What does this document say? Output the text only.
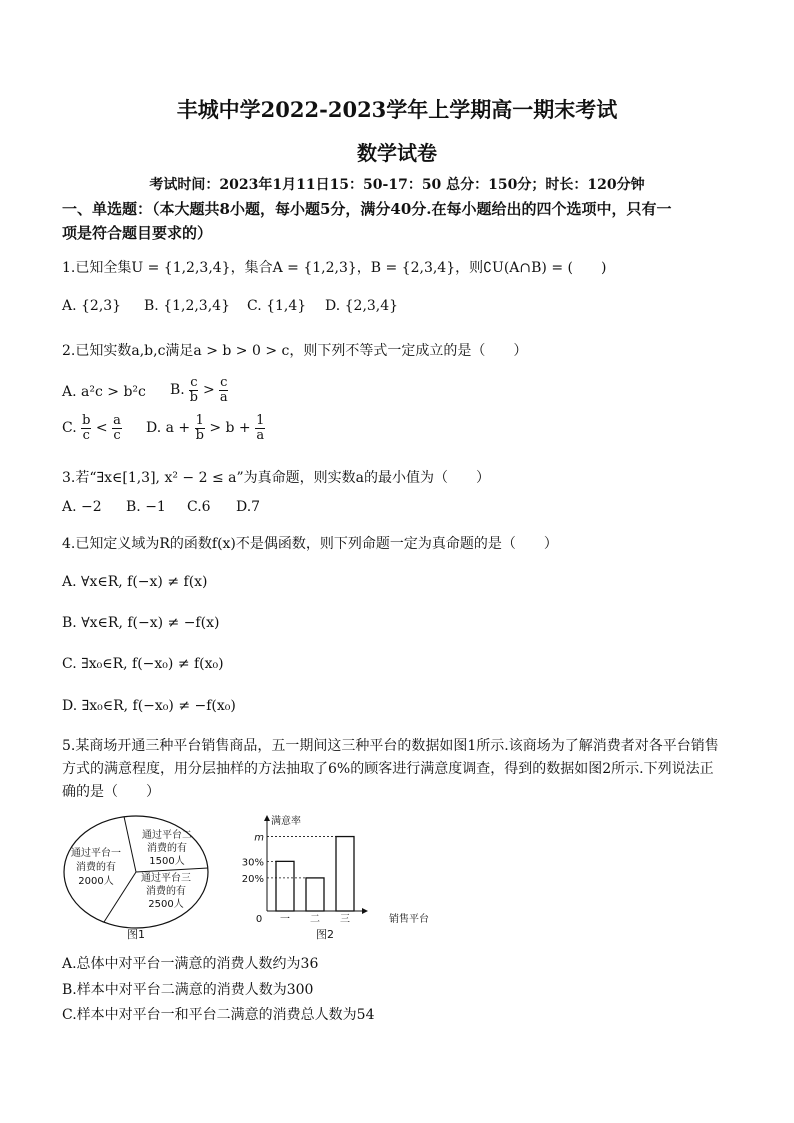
丰城中学2022-2023学年上学期高一期末考试
数学试卷
考试时间：2023年1月11日15：50-17：50 总分：150分；时长：120分钟
一、单选题：（本大题共8小题，每小题5分，满分40分.在每小题给出的四个选项中，只有一
项是符合题目要求的）
1.已知全集U = {1,2,3,4}，集合A = {1,2,3}，B = {2,3,4}，则∁U(A∩B) = (　　)
A. {2,3} B. {1,2,3,4} C. {1,4} D. {2,3,4}
2.已知实数a,b,c满足a > b > 0 > c，则下列不等式一定成立的是（　　）
A. a²c > b²c B. $\frac{c}{b} > \frac{c}{a}$
C. $\frac{b}{c} < \frac{a}{c} D$. $a + \frac{1}{b} > b + \frac{1}{a}$
3.若“∃x∈[1,3], x² − 2 ≤ a”为真命题，则实数a的最小值为（　　）
A. −2 B. −1 C.6 D.7
4.已知定义域为R的函数f(x)不是偶函数，则下列命题一定为真命题的是（　　）
A. ∀x∈R, f(−x) ≠ f(x)
B. ∀x∈R, f(−x) ≠ −f(x)
C. ∃x₀∈R, f(−x₀) ≠ f(x₀)
D. ∃x₀∈R, f(−x₀) ≠ −f(x₀)
5.某商场开通三种平台销售商品，五一期间这三种平台的数据如图1所示.该商场为了解消费者对各平台销售
方式的满意程度，用分层抽样的方法抽取了6%的顾客进行满意度调查，得到的数据如图2所示.下列说法正
确的是（　　）
通过平台一
消费的有
2000人
通过平台二
消费的有
1500人
通过平台三
消费的有
2500人
图1
满意率
销售平台
0 一 二 三
m
30%
20%
图2
A.总体中对平台一满意的消费人数约为36
B.样本中对平台二满意的消费人数为300
C.样本中对平台一和平台二满意的消费总人数为54
